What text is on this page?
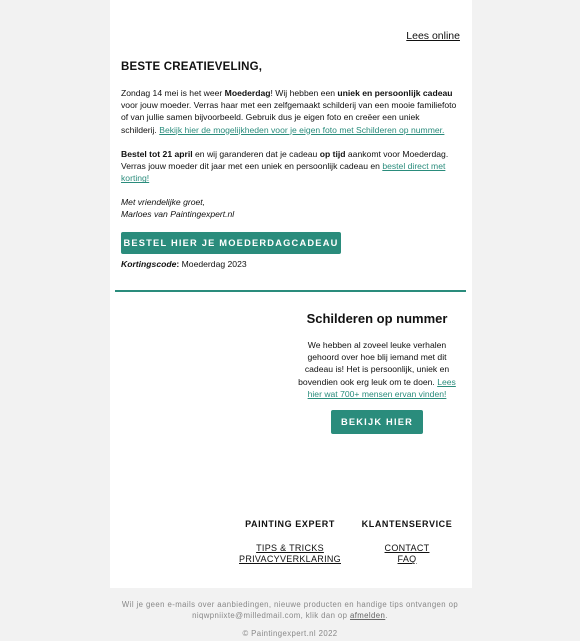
Lees online
BESTE CREATIEVELING,
Zondag 14 mei is het weer Moederdag! Wij hebben een uniek en persoonlijk cadeau voor jouw moeder. Verras haar met een zelfgemaakt schilderij van een mooie familiefoto of van jullie samen bijvoorbeeld. Gebruik dus je eigen foto en creëer een uniek schilderij. Bekijk hier de mogelijkheden voor je eigen foto met Schilderen op nummer.
Bestel tot 21 april en wij garanderen dat je cadeau op tijd aankomt voor Moederdag. Verras jouw moeder dit jaar met een uniek en persoonlijk cadeau en bestel direct met korting!
Met vriendelijke groet,
Marloes van Paintingexpert.nl
BESTEL HIER JE MOEDERDAGCADEAU
Kortingscode: Moederdag 2023
Schilderen op nummer
We hebben al zoveel leuke verhalen gehoord over hoe blij iemand met dit cadeau is! Het is persoonlijk, uniek en bovendien ook erg leuk om te doen. Lees hier wat 700+ mensen ervan vinden!
BEKIJK HIER
PAINTING EXPERT
TIPS & TRICKS
PRIVACYVERKLARING
KLANTENSERVICE
CONTACT
FAQ
Wil je geen e-mails over aanbiedingen, nieuwe producten en handige tips ontvangen op
niqwpniixte@milledmail.com, klik dan op afmelden.
© Paintingexpert.nl 2022
